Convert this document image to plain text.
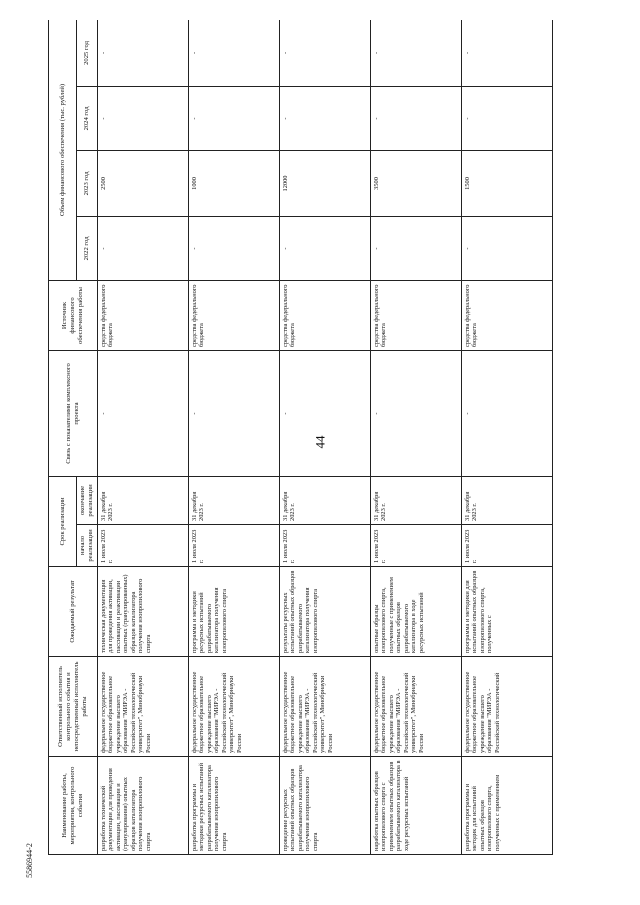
44
5586944-2
Наименование работы, мероприятия, контрольного события	Ответственный исполнитель контрольного события и непосредственный исполнитель работы	Ожидаемый результат	Срок реализации		Связь с показателями комплексного проекта	Источник финансового обеспечения работы	Объем финансового обеспечения (тыс. рублей)			
			начало реализации	окончание реализации			2022 год	2023 год	2024 год	2025 год

разработка технической документации для проведения активации, пассивации и (гранулирования) опытных образцов катализатора получения изопропилового спирта	федеральное государственное бюджетное образовательное учреждение высшего образования "МИРЭА - Российский технологический университет", Минобрнауки России	техническая документация для проведения активации, пассивации и реактивации опытных (гранулированных) образцов катализатора получения изопропилового спирта	1 июля 2023 г.	31 декабря 2023 г.	-	средства федерального бюджета	-	2500	-	-
разработка программы и методики ресурсных испытаний разрабатываемого катализатора получения изопропилового спирта	федеральное государственное бюджетное образовательное учреждение высшего образования "МИРЭА - Российский технологический университет", Минобрнауки России	программа и методики ресурсных испытаний разрабатываемого катализатора получения изопропилового спирта	1 июля 2023 г.	31 декабря 2023 г.	-	средства федерального бюджета	-	1000	-	-
проведение ресурсных испытаний опытных образцов разрабатываемого катализатора получения изопропилового спирта	федеральное государственное бюджетное образовательное учреждение высшего образования "МИРЭА - Российский технологический университет", Минобрнауки России	результаты ресурсных испытаний опытных образцов разрабатываемого катализатора получения изопропилового спирта	1 июля 2023 г.	31 декабря 2023 г.	-	средства федерального бюджета	-	12000	-	-
наработка опытных образцов изопропилового спирта с применением опытных образцов разрабатываемого катализатора в ходе ресурсных испытаний	федеральное государственное бюджетное образовательное учреждение высшего образования "МИРЭА - Российский технологический университет", Минобрнауки России	опытные образцы изопропилового спирта, полученные с применением опытных образцов разрабатываемого катализатора в ходе ресурсных испытаний	1 июля 2023 г.	31 декабря 2023 г.	-	средства федерального бюджета	-	3500	-	-
разработка программы и методик для испытаний опытных образцов изопропилового спирта, полученных с применением	федеральное государственное бюджетное образовательное учреждение высшего образования "МИРЭА - Российский технологический	программа и методики для испытаний опытных образцов изопропилового спирта, полученных с	1 июля 2023 г.	31 декабря 2023 г.	-	средства федерального бюджета	-	1500	-	-
